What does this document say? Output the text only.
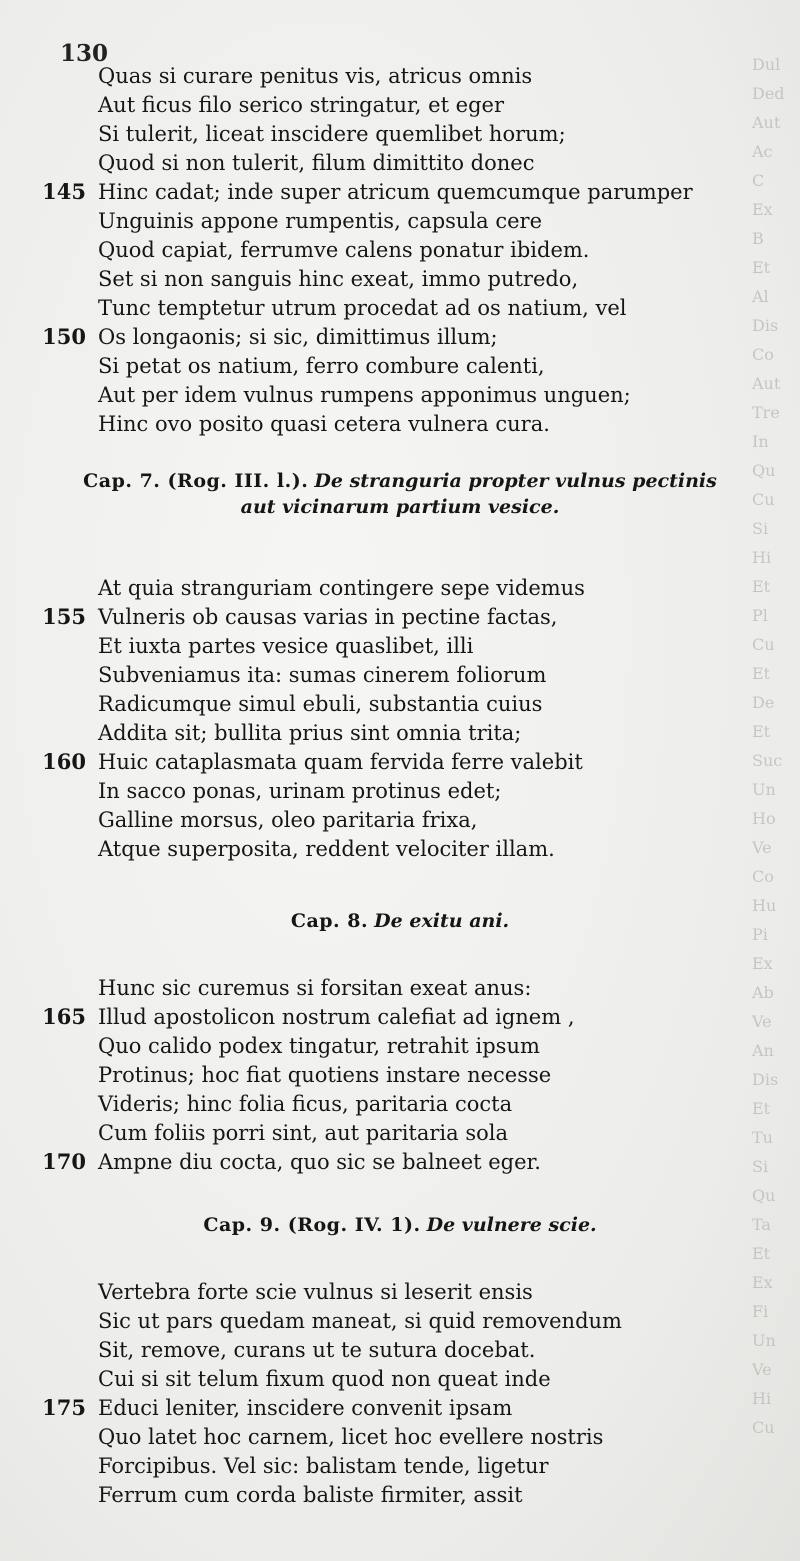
Dul
Ded
Aut
Ac
C
Ex
B
Et
Al
Dis
Co
Aut
Tre
In
Qu
Cu
Si
Hi
Et
Pl
Cu
Et
De
Et
Suc
Un
Ho
Ve
Co
Hu
Pi
Ex
Ab
Ve
An
Dis
Et
Tu
Si
Qu
Ta
Et
Ex
Fi
Un
Ve
Hi
Cu
130
Quas si curare penitus vis, atricus omnis
Aut ficus filo serico stringatur, et eger
Si tulerit, liceat inscidere quemlibet horum;
Quod si non tulerit, filum dimittito donec
145 Hinc cadat; inde super atricum quemcumque parumper
Unguinis appone rumpentis, capsula cere
Quod capiat, ferrumve calens ponatur ibidem.
Set si non sanguis hinc exeat, immo putredo,
Tunc temptetur utrum procedat ad os natium, vel
150 Os longaonis; si sic, dimittimus illum;
Si petat os natium, ferro combure calenti,
Aut per idem vulnus rumpens apponimus unguen;
Hinc ovo posito quasi cetera vulnera cura.
Cap. 7. (Rog. III. l.). De stranguria propter vulnus pectinis
aut vicinarum partium vesice.
At quia stranguriam contingere sepe videmus
155 Vulneris ob causas varias in pectine factas,
Et iuxta partes vesice quaslibet, illi
Subveniamus ita: sumas cinerem foliorum
Radicumque simul ebuli, substantia cuius
Addita sit; bullita prius sint omnia trita;
160 Huic cataplasmata quam fervida ferre valebit
In sacco ponas, urinam protinus edet;
Galline morsus, oleo paritaria frixa,
Atque superposita, reddent velociter illam.
Cap. 8. De exitu ani.
Hunc sic curemus si forsitan exeat anus:
165 Illud apostolicon nostrum calefiat ad ignem ,
Quo calido podex tingatur, retrahit ipsum
Protinus; hoc fiat quotiens instare necesse
Videris; hinc folia ficus, paritaria cocta
Cum foliis porri sint, aut paritaria sola
170 Ampne diu cocta, quo sic se balneet eger.
Cap. 9. (Rog. IV. 1). De vulnere scie.
Vertebra forte scie vulnus si leserit ensis
Sic ut pars quedam maneat, si quid removendum
Sit, remove, curans ut te sutura docebat.
Cui si sit telum fixum quod non queat inde
175 Educi leniter, inscidere convenit ipsam
Quo latet hoc carnem, licet hoc evellere nostris
Forcipibus. Vel sic: balistam tende, ligetur
Ferrum cum corda baliste firmiter, assit
